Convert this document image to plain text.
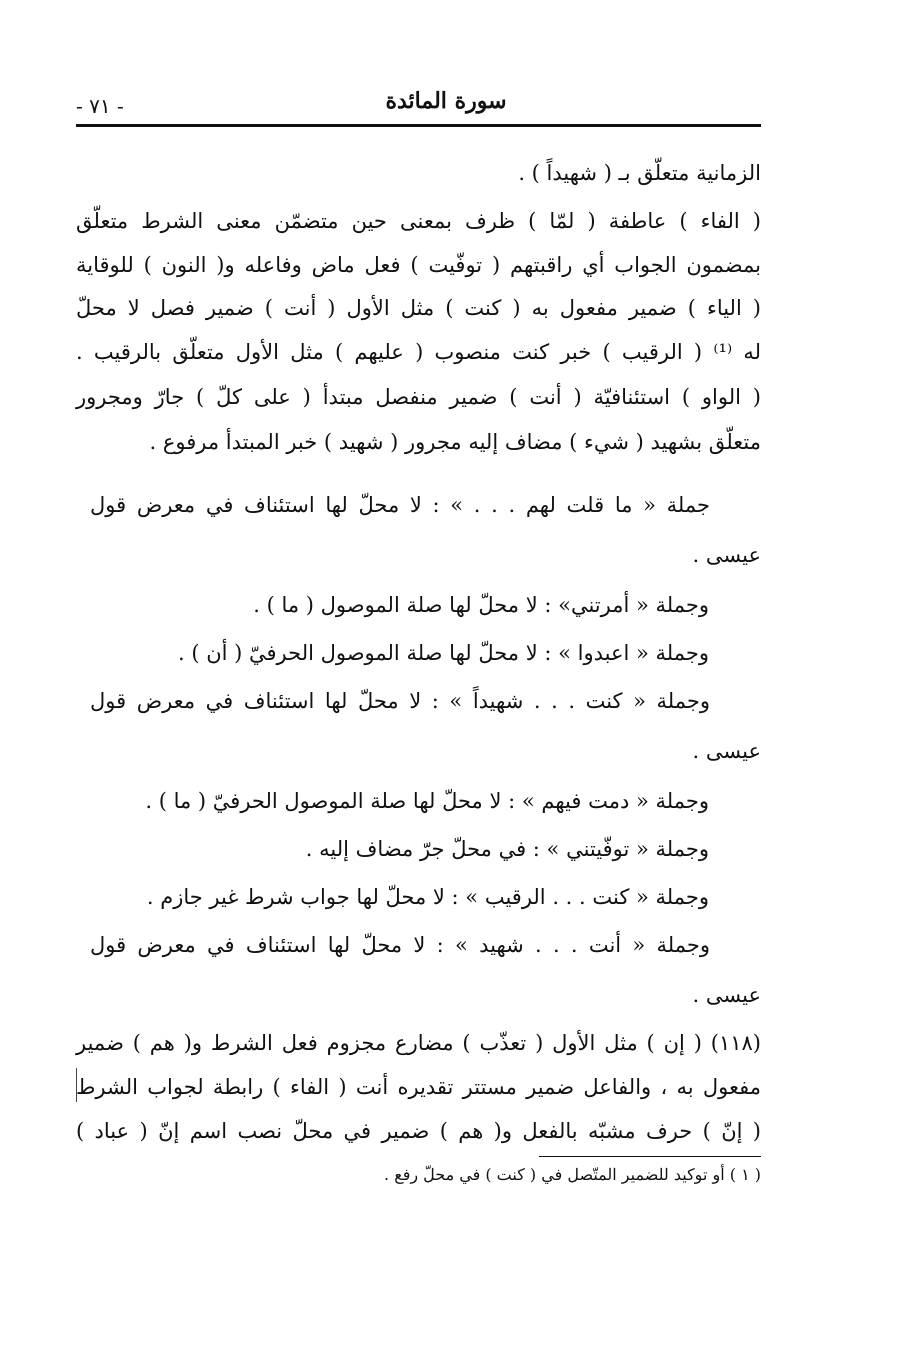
- ٧١ -	سورة المائدة
الزمانية متعلّق بـ ( شهيداً ) .
( الفاء ) عاطفة ( لمّا ) ظرف بمعنى حين متضمّن معنى الشرط متعلّق
بمضمون الجواب أي راقبتهم ( توفّيت ) فعل ماض وفاعله و( النون ) للوقاية
( الياء ) ضمير مفعول به ( كنت ) مثل الأول ( أنت ) ضمير فصل لا محلّ
له ⁽¹⁾ ( الرقيب ) خبر كنت منصوب ( عليهم ) مثل الأول متعلّق بالرقيب .
( الواو ) استئنافيّة ( أنت ) ضمير منفصل مبتدأ ( على كلّ ) جارّ ومجرور
متعلّق بشهيد ( شيء ) مضاف إليه مجرور ( شهيد ) خبر المبتدأ مرفوع .
جملة « ما قلت لهم . . . » : لا محلّ لها استئناف في معرض قول
عيسى .
وجملة « أمرتني» : لا محلّ لها صلة الموصول ( ما ) .
وجملة « اعبدوا » : لا محلّ لها صلة الموصول الحرفيّ ( أن ) .
وجملة « كنت . . . شهيداً » : لا محلّ لها استئناف في معرض قول
عيسى .
وجملة « دمت فيهم » : لا محلّ لها صلة الموصول الحرفيّ ( ما ) .
وجملة « توفّيتني » : في محلّ جرّ مضاف إليه .
وجملة « كنت . . . الرقيب » : لا محلّ لها جواب شرط غير جازم .
وجملة « أنت . . . شهيد » : لا محلّ لها استئناف في معرض قول
عيسى .
(١١٨) ( إن ) مثل الأول ( تعذّب ) مضارع مجزوم فعل الشرط و( هم ) ضمير
مفعول به ، والفاعل ضمير مستتر تقديره أنت ( الفاء ) رابطة لجواب الشرط
( إنّ ) حرف مشبّه بالفعل و( هم ) ضمير في محلّ نصب اسم إنّ ( عباد )
( ١ ) أو توكيد للضمير المتّصل في ( كنت ) في محلّ رفع .
